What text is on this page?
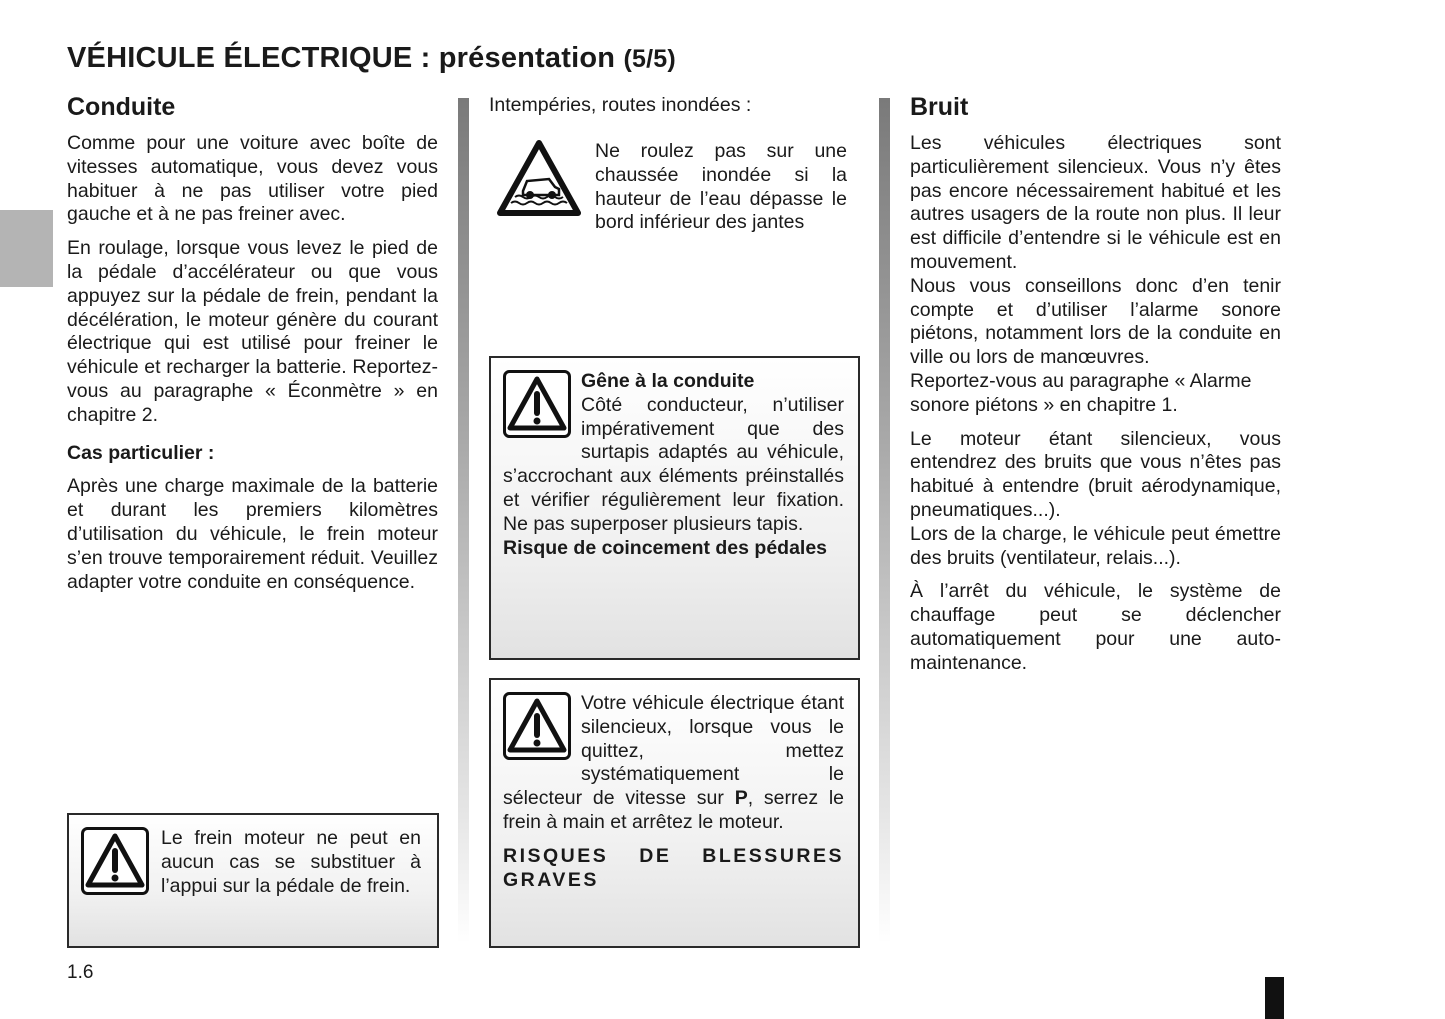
VÉHICULE ÉLECTRIQUE : présentation (5/5)
Conduite

Comme pour une voiture avec boîte de vitesses automatique, vous devez vous habituer à ne pas utiliser votre pied gauche et à ne pas freiner avec.

En roulage, lorsque vous levez le pied de la pédale d’accélérateur ou que vous appuyez sur la pédale de frein, pendant la décélération, le moteur génère du courant électrique qui est utilisé pour freiner le véhicule et recharger la batterie. Reportez-vous au paragraphe « Éconmètre » en chapitre 2.

Cas particulier :

Après une charge maximale de la batterie et durant les premiers kilomètres d’utilisation du véhicule, le frein moteur s’en trouve temporairement réduit. Veuillez adapter votre conduite en conséquence.

Le frein moteur ne peut en aucun cas se substituer à l’appui sur la pédale de frein.

Intempéries, routes inondées :

Ne roulez pas sur une chaussée inondée si la hauteur de l’eau dépasse le bord inférieur des jantes

Gêne à la conduite

Côté conducteur, n’utiliser impérativement que des surtapis adaptés au véhicule, s’accrochant aux éléments préinstallés et vérifier régulièrement leur fixation. Ne pas superposer plusieurs tapis.

Risque de coincement des pédales

Votre véhicule électrique étant silencieux, lorsque vous le quittez, mettez systématiquement le sélecteur de vitesse sur P, serrez le frein à main et arrêtez le moteur.

RISQUES DE BLESSURES GRAVES

Bruit

Les véhicules électriques sont particulièrement silencieux. Vous n’y êtes pas encore nécessairement habitué et les autres usagers de la route non plus. Il leur est difficile d’entendre si le véhicule est en mouvement.

Nous vous conseillons donc d’en tenir compte et d’utiliser l’alarme sonore piétons, notamment lors de la conduite en ville ou lors de manœuvres.

Reportez-vous au paragraphe « Alarme sonore piétons » en chapitre 1.

Le moteur étant silencieux, vous entendrez des bruits que vous n’êtes pas habitué à entendre (bruit aérodynamique, pneumatiques...).

Lors de la charge, le véhicule peut émettre des bruits (ventilateur, relais...).

À l’arrêt du véhicule, le système de chauffage peut se déclencher automatiquement pour une auto-maintenance.

1.6
